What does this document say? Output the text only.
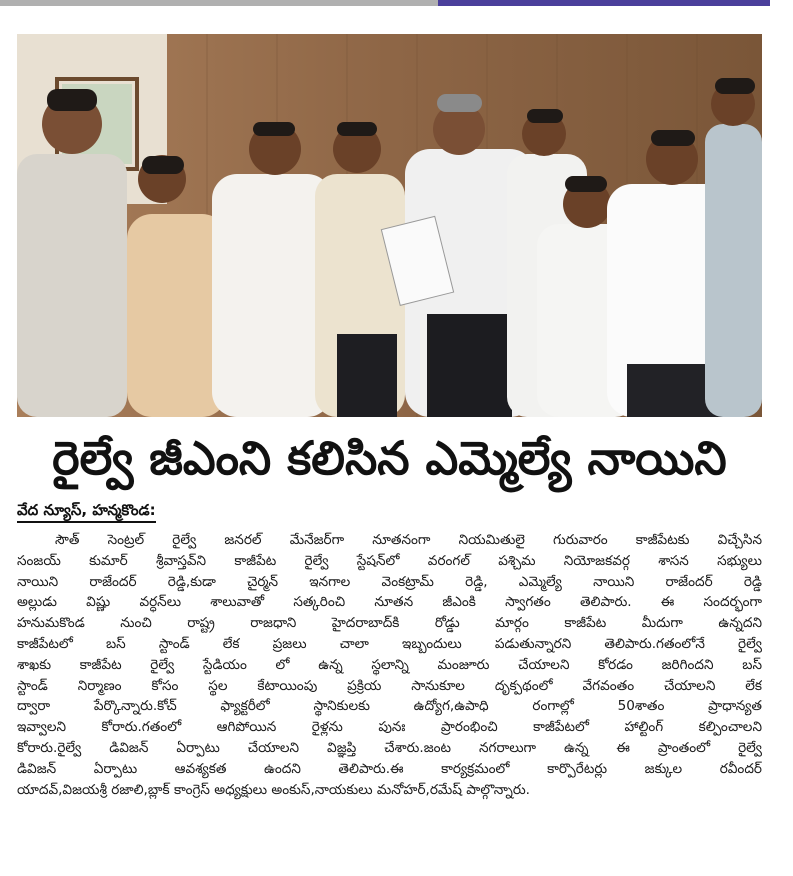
రైల్వే జీఎంని కలిసిన ఎమ్మెల్యే నాయిని
వేద న్యూస్, హన్మకొండ:
సౌత్ సెంట్రల్ రైల్వే జనరల్ మేనేజర్‌గా నూతనంగా నియమితులై గురువారం కాజీపేటకు విచ్చేసిన
సంజయ్ కుమార్ శ్రీవాస్తవ్‌ని కాజీపేట రైల్వే స్టేషన్‌లో వరంగల్ పశ్చిమ నియోజకవర్గ శాసన సభ్యులు
నాయిని రాజేందర్ రెడ్డి,కుడా చైర్మన్ ఇనగాల వెంకట్రామ్ రెడ్డి, ఎమ్మెల్యే నాయిని రాజేందర్ రెడ్డి
అల్లుడు విష్ణు వర్ధన్‌లు శాలువాతో సత్కరించి నూతన జీఎంకి స్వాగతం తెలిపారు. ఈ సందర్భంగా
హనుమకొండ నుంచి రాష్ట్ర రాజధాని హైదరాబాద్‌కి రోడ్డు మార్గం కాజీపేట మీదుగా ఉన్నదని
కాజీపేటలో బస్ స్టాండ్ లేక ప్రజలు చాలా ఇబ్బందులు పడుతున్నారని తెలిపారు.గతంలోనే రైల్వే
శాఖకు కాజీపేట రైల్వే స్టేడియం లో ఉన్న స్థలాన్ని మంజూరు చేయాలని కోరడం జరిగిందని బస్
స్టాండ్ నిర్మాణం కోసం స్థల కేటాయింపు ప్రక్రియ సానుకూల దృక్పథంలో వేగవంతం చేయాలని లేక
ద్వారా పేర్కొన్నారు.కోచ్ ఫ్యాక్టరీలో స్థానికులకు ఉద్యోగ,ఉపాధి రంగాల్లో 50శాతం ప్రాధాన్యత
ఇవ్వాలని కోరారు.గతంలో ఆగిపోయిన రైళ్లను పునః ప్రారంభించి కాజీపేటలో హాల్టింగ్ కల్పించాలని
కోరారు.రైల్వే డివిజన్ ఏర్పాటు చేయాలని విజ్ఞప్తి చేశారు.జంట నగరాలుగా ఉన్న ఈ ప్రాంతంలో రైల్వే
డివిజన్ ఏర్పాటు ఆవశ్యకత ఉందని తెలిపారు.ఈ కార్యక్రమంలో కార్పొరేటర్లు జక్కుల రవీందర్
యాదవ్,విజయశ్రీ రజాలి,బ్లాక్ కాంగ్రెస్ అధ్యక్షులు అంకుస్,నాయకులు మనోహర్,రమేష్ పాల్గొన్నారు.
